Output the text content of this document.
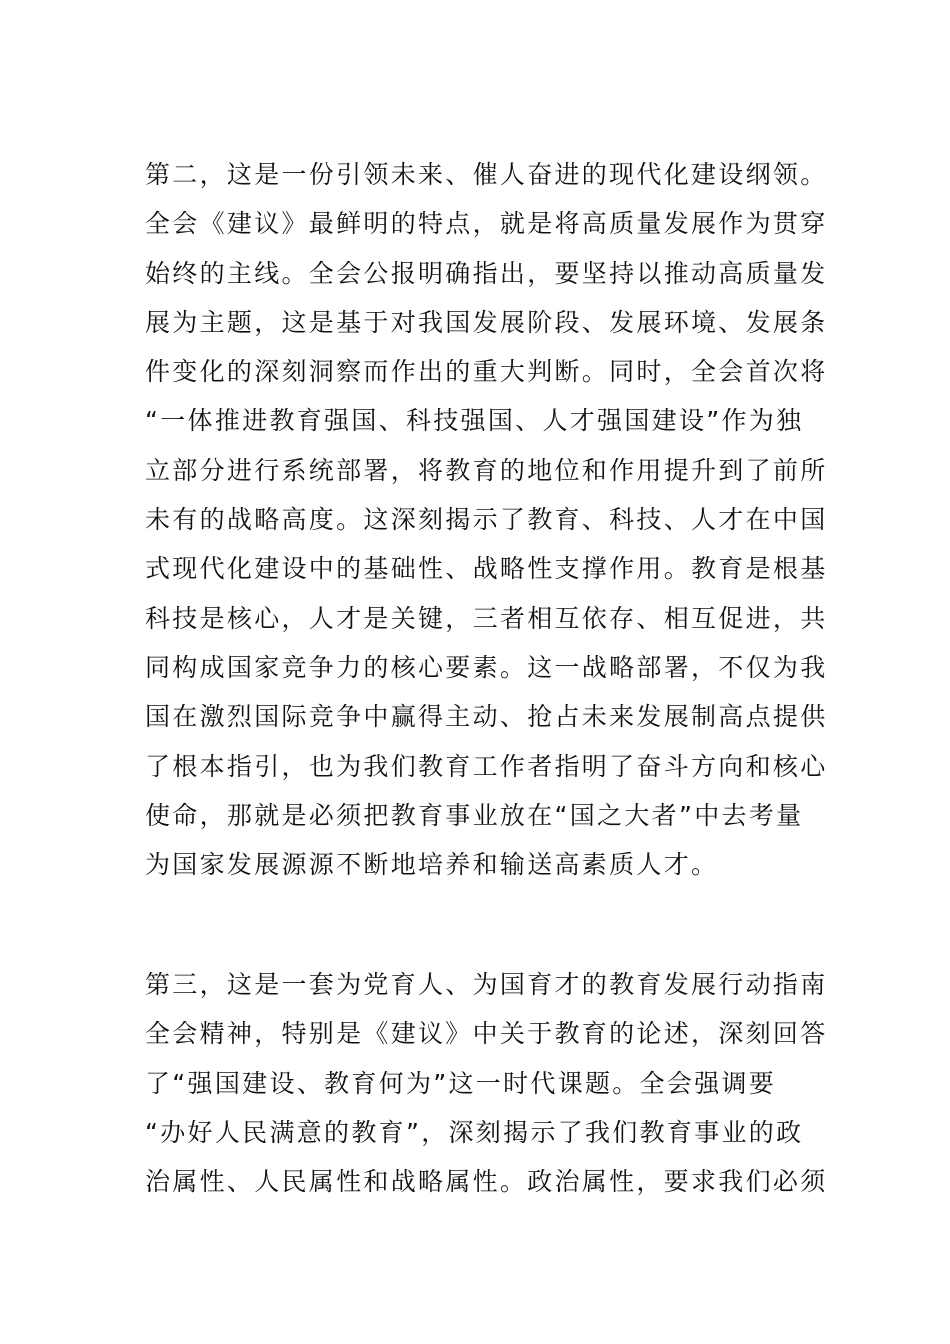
第二，这是一份引领未来、催人奋进的现代化建设纲领。
全会《建议》最鲜明的特点，就是将高质量发展作为贯穿
始终的主线。全会公报明确指出，要坚持以推动高质量发
展为主题，这是基于对我国发展阶段、发展环境、发展条
件变化的深刻洞察而作出的重大判断。同时，全会首次将
“一体推进教育强国、科技强国、人才强国建设”作为独
立部分进行系统部署，将教育的地位和作用提升到了前所
未有的战略高度。这深刻揭示了教育、科技、人才在中国
式现代化建设中的基础性、战略性支撑作用。教育是根基
科技是核心，人才是关键，三者相互依存、相互促进，共
同构成国家竞争力的核心要素。这一战略部署，不仅为我
国在激烈国际竞争中赢得主动、抢占未来发展制高点提供
了根本指引，也为我们教育工作者指明了奋斗方向和核心
使命，那就是必须把教育事业放在“国之大者”中去考量
为国家发展源源不断地培养和输送高素质人才。
第三，这是一套为党育人、为国育才的教育发展行动指南
全会精神，特别是《建议》中关于教育的论述，深刻回答
了“强国建设、教育何为”这一时代课题。全会强调要
“办好人民满意的教育”，深刻揭示了我们教育事业的政
治属性、人民属性和战略属性。政治属性，要求我们必须
